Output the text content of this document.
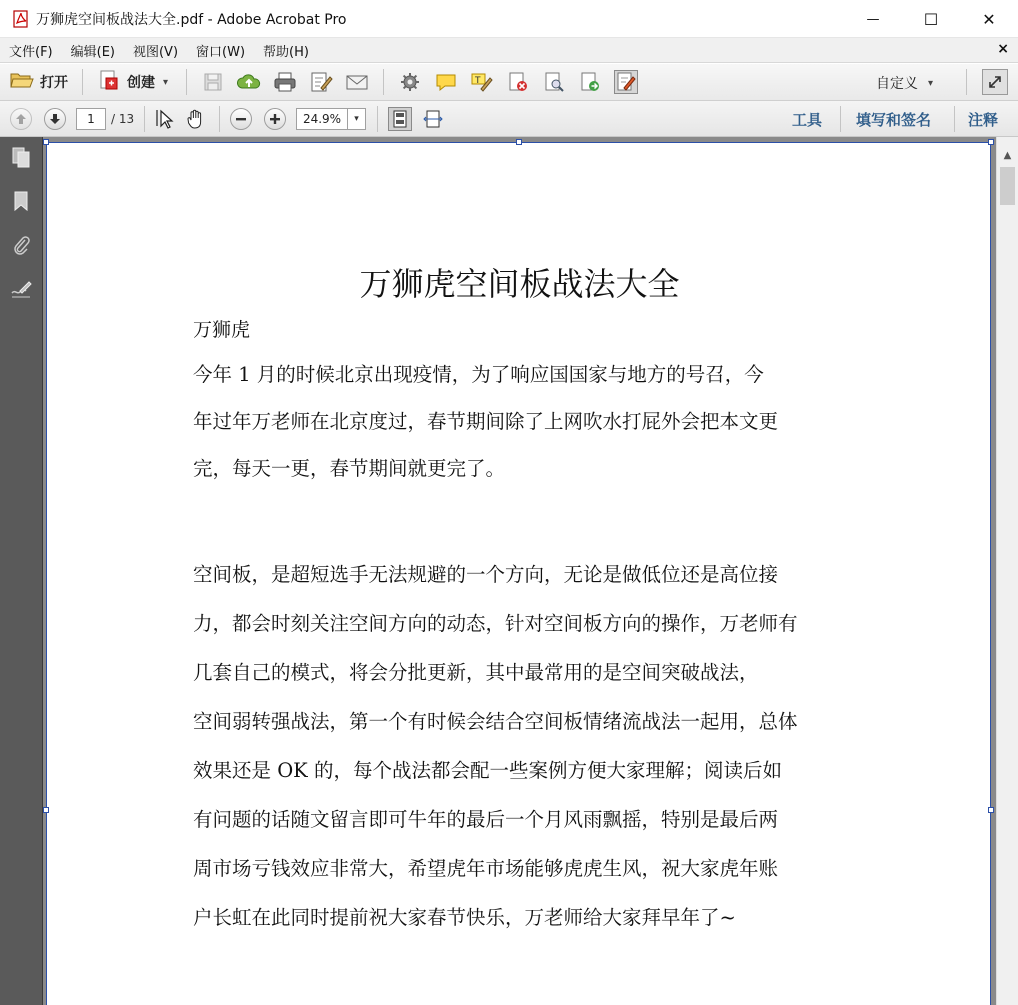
万狮虎空间板战法大全.pdf - Adobe Acrobat Pro	—	☐	✕
文件(F)	编辑(E)	视图(V)	窗口(W)	帮助(H)	×
打开	创建 ▾	T	自定义 ▾
1	/ 13	24.9%	▾	工具 填写和签名 注释
万狮虎空间板战法大全
万狮虎
今年 1 月的时候北京出现疫情，为了响应国国家与地方的号召，今
年过年万老师在北京度过，春节期间除了上网吹水打屁外会把本文更
完，每天一更，春节期间就更完了。
空间板，是超短选手无法规避的一个方向，无论是做低位还是高位接
力，都会时刻关注空间方向的动态，针对空间板方向的操作，万老师有
几套自己的模式，将会分批更新，其中最常用的是空间突破战法，
空间弱转强战法，第一个有时候会结合空间板情绪流战法一起用，总体
效果还是 OK 的，每个战法都会配一些案例方便大家理解；阅读后如
有问题的话随文留言即可牛年的最后一个月风雨飘摇，特别是最后两
周市场亏钱效应非常大，希望虎年市场能够虎虎生风，祝大家虎年账
户长虹在此同时提前祝大家春节快乐，万老师给大家拜早年了~
▲
